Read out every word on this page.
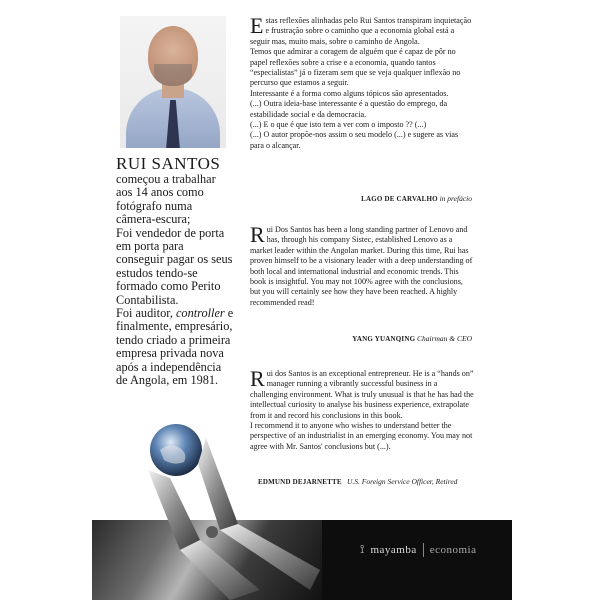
RUI SANTOS

começou a trabalhar aos 14 anos como fotógrafo numa câmera-escura;

Foi vendedor de porta em porta para conseguir pagar os seus estudos tendo-se formado como Perito Contabilista.

Foi auditor, controller e finalmente, empresário, tendo criado a primeira empresa privada nova após a independência de Angola, em 1981.

E stas reflexões alinhadas pelo Rui Santos transpiram inquietação e frustração sobre o caminho que a economia global está a seguir mas, muito mais, sobre o caminho de Angola.

Temos que admirar a coragem de alguém que é capaz de pôr no papel reflexões sobre a crise e a economia, quando tantos “especialistas” já o fizeram sem que se veja qualquer inflexão no percurso que estamos a seguir.

Interessante é a forma como alguns tópicos são apresentados.

(...) Outra ideia-base interessante é a questão do emprego, da estabilidade social e da democracia.

(...) E o que é que isto tem a ver com o imposto ?? (...)

(...) O autor propõe-nos assim o seu modelo (...) e sugere as vias para o alcançar.

LAGO DE CARVALHO in prefácio
R ui Dos Santos has been a long standing partner of Lenovo and has, through his company Sistec, established Lenovo as a market leader within the Angolan market. During this time, Rui has proven himself to be a visionary leader with a deep understanding of both local and international industrial and economic trends. This book is insightful. You may not 100% agree with the conclusions, but you will certainly see how they have been reached. A highly recommended read!

YANG YUANQING Chairman & CEO
R ui dos Santos is an exceptional entrepreneur. He is a “hands on” manager running a vibrantly successful business in a challenging environment. What is truly unusual is that he has had the intellectual curiosity to analyse his business experience, extrapolate from it and record his conclusions in this book.

I recommend it to anyone who wishes to understand better the perspective of an industrialist in an emerging economy. You may not agree with Mr. Santos' conclusions but (...).

EDMUND DEJARNETTE U.S. Foreign Service Officer, Retired
⟟ mayamba economia
